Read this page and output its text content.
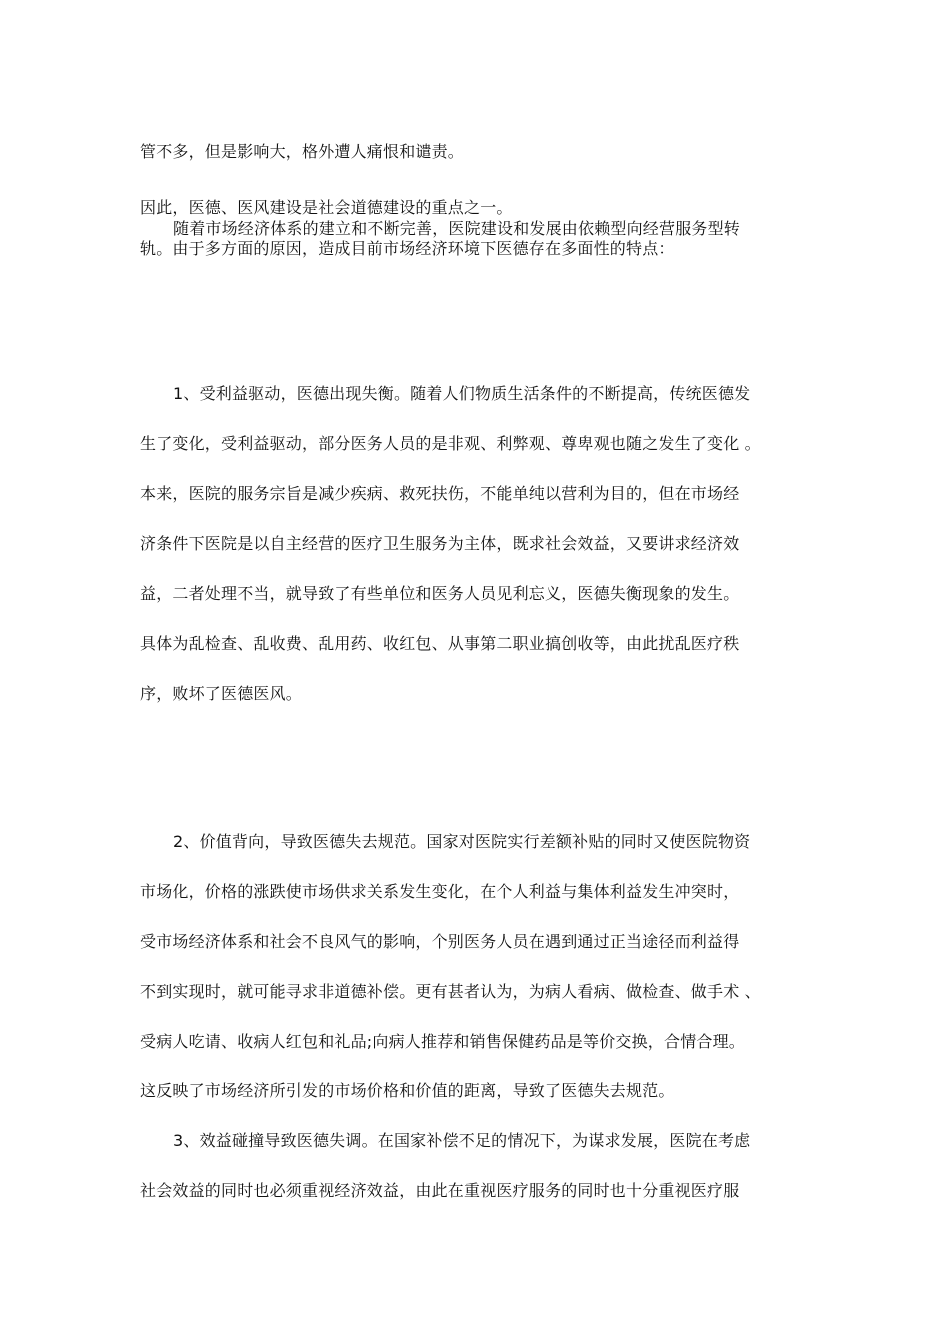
管不多，但是影响大，格外遭人痛恨和谴责。
因此，医德、医风建设是社会道德建设的重点之一。
随着市场经济体系的建立和不断完善，医院建设和发展由依赖型向经营服务型转
轨。由于多方面的原因，造成目前市场经济环境下医德存在多面性的特点：
1、受利益驱动，医德出现失衡。随着人们物质生活条件的不断提高，传统医德发
生了变化，受利益驱动，部分医务人员的是非观、利弊观、尊卑观也随之发生了变化 。
本来，医院的服务宗旨是减少疾病、救死扶伤，不能单纯以营利为目的，但在市场经
济条件下医院是以自主经营的医疗卫生服务为主体，既求社会效益，又要讲求经济效
益，二者处理不当，就导致了有些单位和医务人员见利忘义，医德失衡现象的发生。
具体为乱检查、乱收费、乱用药、收红包、从事第二职业搞创收等，由此扰乱医疗秩
序，败坏了医德医风。
2、价值背向，导致医德失去规范。国家对医院实行差额补贴的同时又使医院物资
市场化，价格的涨跌使市场供求关系发生变化，在个人利益与集体利益发生冲突时，
受市场经济体系和社会不良风气的影响，个别医务人员在遇到通过正当途径而利益得
不到实现时，就可能寻求非道德补偿。更有甚者认为，为病人看病、做检查、做手术 、
受病人吃请、收病人红包和礼品;向病人推荐和销售保健药品是等价交换，合情合理。
这反映了市场经济所引发的市场价格和价值的距离，导致了医德失去规范。
3、效益碰撞导致医德失调。在国家补偿不足的情况下，为谋求发展，医院在考虑
社会效益的同时也必须重视经济效益，由此在重视医疗服务的同时也十分重视医疗服
